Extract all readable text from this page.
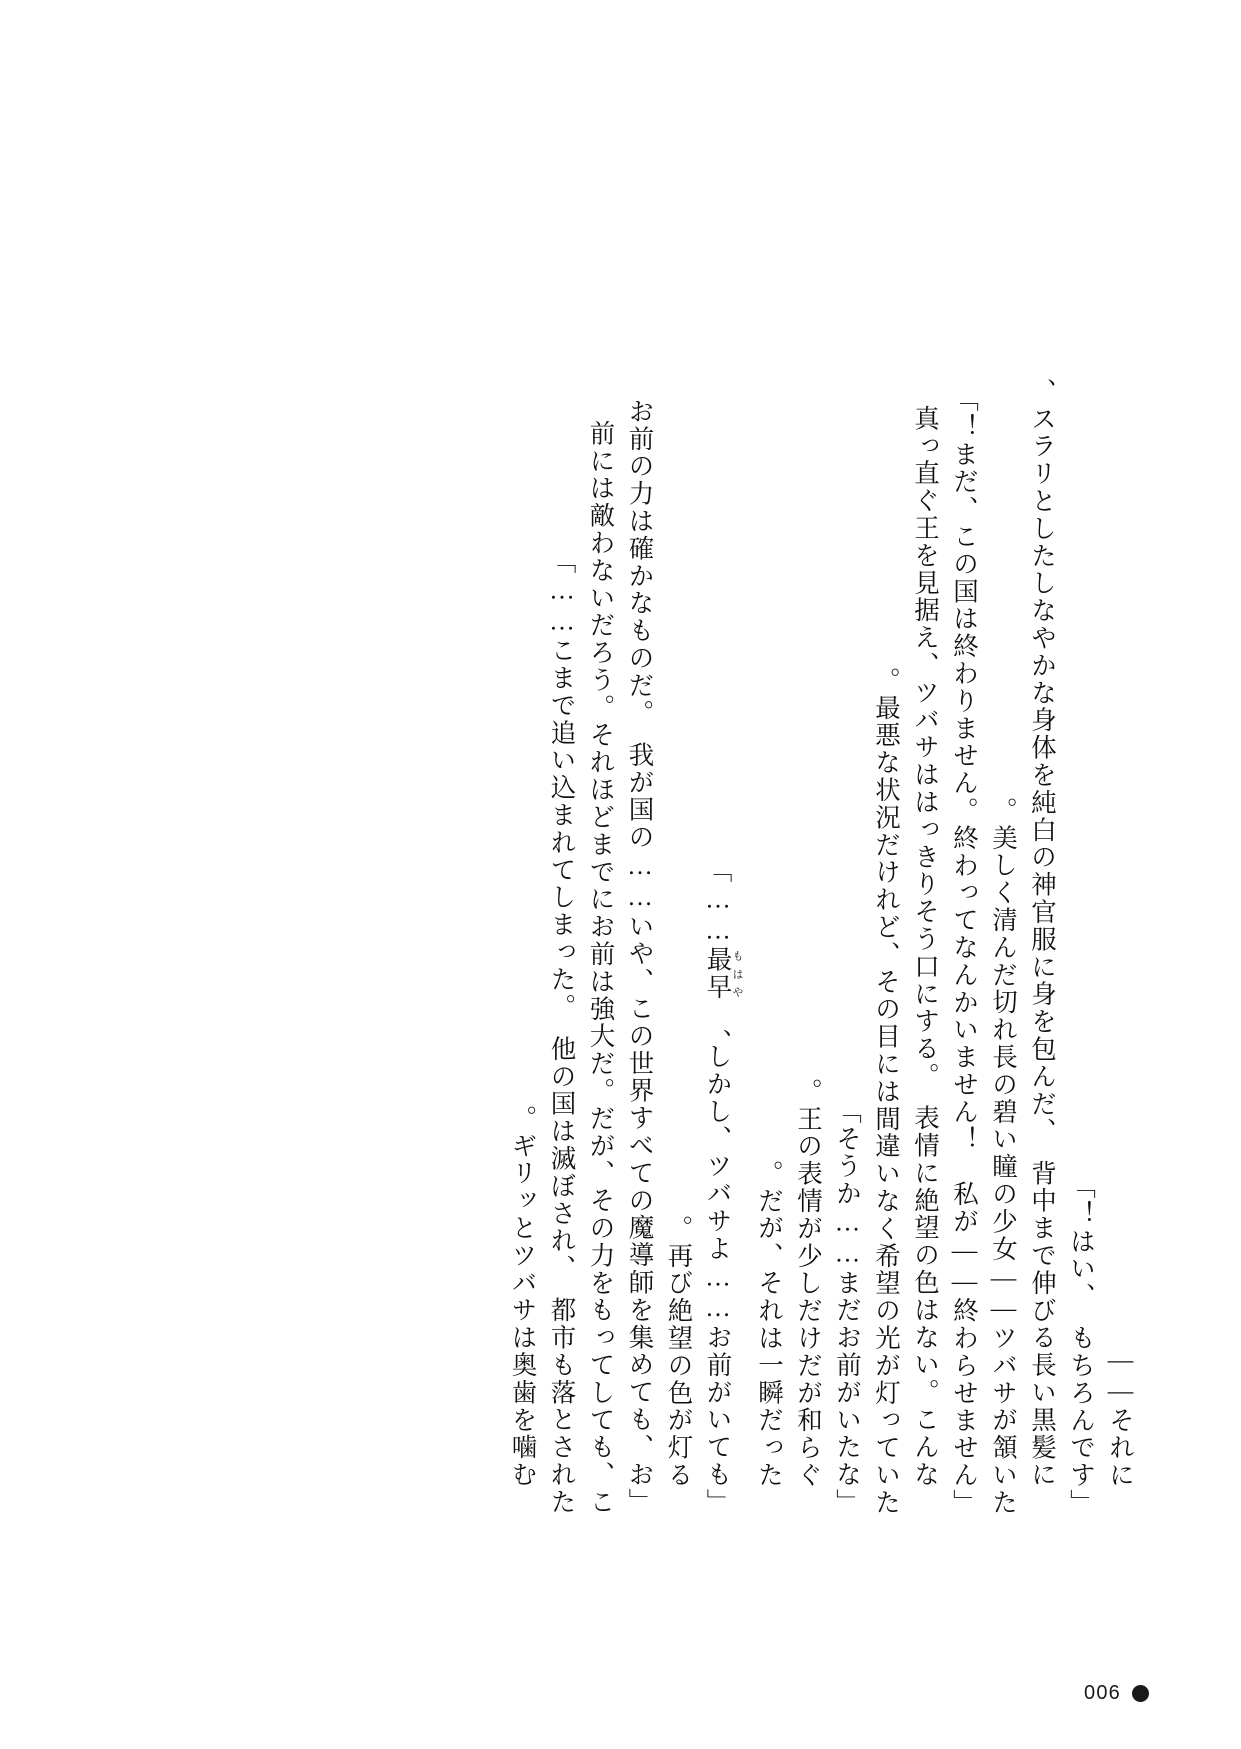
　それに――
「はい、　もちろんです！」
　スラリとしたしなやかな身体を純白の神官服に身を包んだ、　背中まで伸びる長い黒髪に、
美しく清んだ切れ長の碧い瞳の少女――ツバサが頷いた。
「まだ、この国は終わりません。終わってなんかいません！　私が――終わらせません！」
　真っ直ぐ王を見据え、ツバサははっきりそう口にする。　表情に絶望の色はない。こんな
最悪な状況だけれど、その目には間違いなく希望の光が灯っていた。
「そうか……まだお前がいたな」
　王の表情が少しだけだが和らぐ。
　だが、それは一瞬だった。
「しかし、ツバサよ……お前がいても、　最早もはや……」
　再び絶望の色が灯る。
「お前の力は確かなものだ。　我が国の……いや、この世界すべての魔導師を集めても、お
前には敵わないだろう。それほどまでにお前は強大だ。だが、その力をもってしても、こ
こまで追い込まれてしまった。　他の国は滅ぼされ、　都市も落とされた……」
　ギリッとツバサは奥歯を噛む。
006
